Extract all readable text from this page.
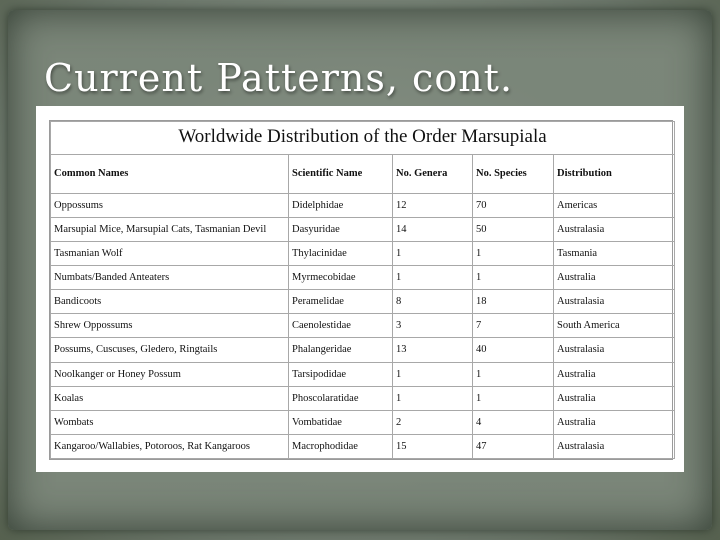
Current Patterns, cont.
Worldwide Distribution of the Order Marsupiala				
Common Names	Scientific Name	No. Genera	No. Species	Distribution
Oppossums	Didelphidae	12	70	Americas
Marsupial Mice, Marsupial Cats, Tasmanian Devil	Dasyuridae	14	50	Australasia
Tasmanian Wolf	Thylacinidae	1	1	Tasmania
Numbats/Banded Anteaters	Myrmecobidae	1	1	Australia
Bandicoots	Peramelidae	8	18	Australasia
Shrew Oppossums	Caenolestidae	3	7	South America
Possums, Cuscuses, Gledero, Ringtails	Phalangeridae	13	40	Australasia
Noolkanger or Honey Possum	Tarsipodidae	1	1	Australia
Koalas	Phoscolaratidae	1	1	Australia
Wombats	Vombatidae	2	4	Australia
Kangaroo/Wallabies, Potoroos, Rat Kangaroos	Macrophodidae	15	47	Australasia
